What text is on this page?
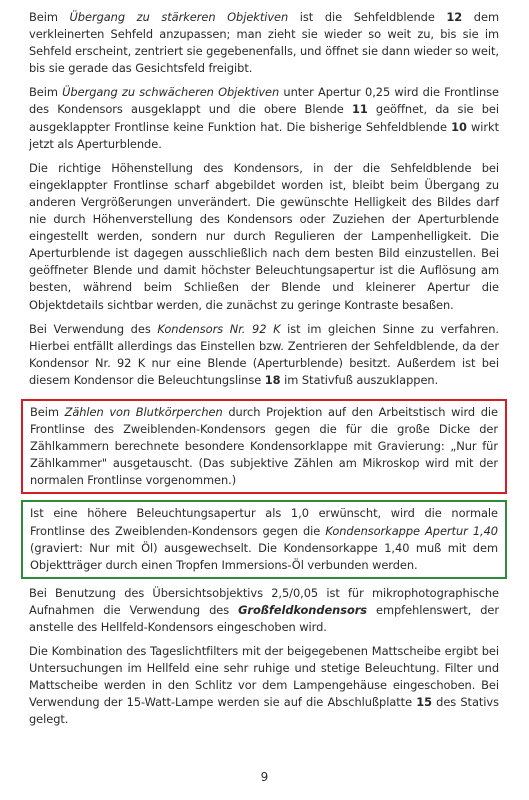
Beim Übergang zu stärkeren Objektiven ist die Sehfeldblende 12 dem verkleinerten Sehfeld anzupassen; man zieht sie wieder so weit zu, bis sie im Sehfeld erscheint, zentriert sie gegebenenfalls, und öffnet sie dann wieder so weit, bis sie gerade das Gesichtsfeld freigibt.

Beim Übergang zu schwächeren Objektiven unter Apertur 0,25 wird die Frontlinse des Kondensors ausgeklappt und die obere Blende 11 geöffnet, da sie bei ausgeklappter Frontlinse keine Funktion hat. Die bisherige Sehfeldblende 10 wirkt jetzt als Aperturblende.

Die richtige Höhenstellung des Kondensors, in der die Sehfeldblende bei eingeklappter Frontlinse scharf abgebildet worden ist, bleibt beim Übergang zu anderen Vergrößerungen unverändert. Die gewünschte Helligkeit des Bildes darf nie durch Höhenverstellung des Kondensors oder Zuziehen der Aperturblende eingestellt werden, sondern nur durch Regulieren der Lampenhelligkeit. Die Aperturblende ist dagegen ausschließlich nach dem besten Bild einzustellen. Bei geöffneter Blende und damit höchster Beleuchtungsapertur ist die Auflösung am besten, während beim Schließen der Blende und kleinerer Apertur die Objektdetails sichtbar werden, die zunächst zu geringe Kontraste besaßen.

Bei Verwendung des Kondensors Nr. 92 K ist im gleichen Sinne zu verfahren. Hierbei entfällt allerdings das Einstellen bzw. Zentrieren der Sehfeldblende, da der Kondensor Nr. 92 K nur eine Blende (Aperturblende) besitzt. Außerdem ist bei diesem Kondensor die Beleuchtungslinse 18 im Stativfuß auszuklappen.

Beim Zählen von Blutkörperchen durch Projektion auf den Arbeitstisch wird die Frontlinse des Zweiblenden-Kondensors gegen die für die große Dicke der Zählkammern berechnete besondere Kondensorklappe mit Gravierung: „Nur für Zählkammer" ausgetauscht. (Das subjektive Zählen am Mikroskop wird mit der normalen Frontlinse vorgenommen.)

Ist eine höhere Beleuchtungsapertur als 1,0 erwünscht, wird die normale Frontlinse des Zweiblenden-Kondensors gegen die Kondensorkappe Apertur 1,40 (graviert: Nur mit Öl) ausgewechselt. Die Kondensorkappe 1,40 muß mit dem Objektträger durch einen Tropfen Immersions-Öl verbunden werden.

Bei Benutzung des Übersichtsobjektivs 2,5/0,05 ist für mikrophotographische Aufnahmen die Verwendung des Großfeldkondensors empfehlenswert, der anstelle des Hellfeld-Kondensors eingeschoben wird.

Die Kombination des Tageslichtfilters mit der beigegebenen Mattscheibe ergibt bei Untersuchungen im Hellfeld eine sehr ruhige und stetige Beleuchtung. Filter und Mattscheibe werden in den Schlitz vor dem Lampengehäuse eingeschoben. Bei Verwendung der 15-Watt-Lampe werden sie auf die Abschlußplatte 15 des Stativs gelegt.

9
